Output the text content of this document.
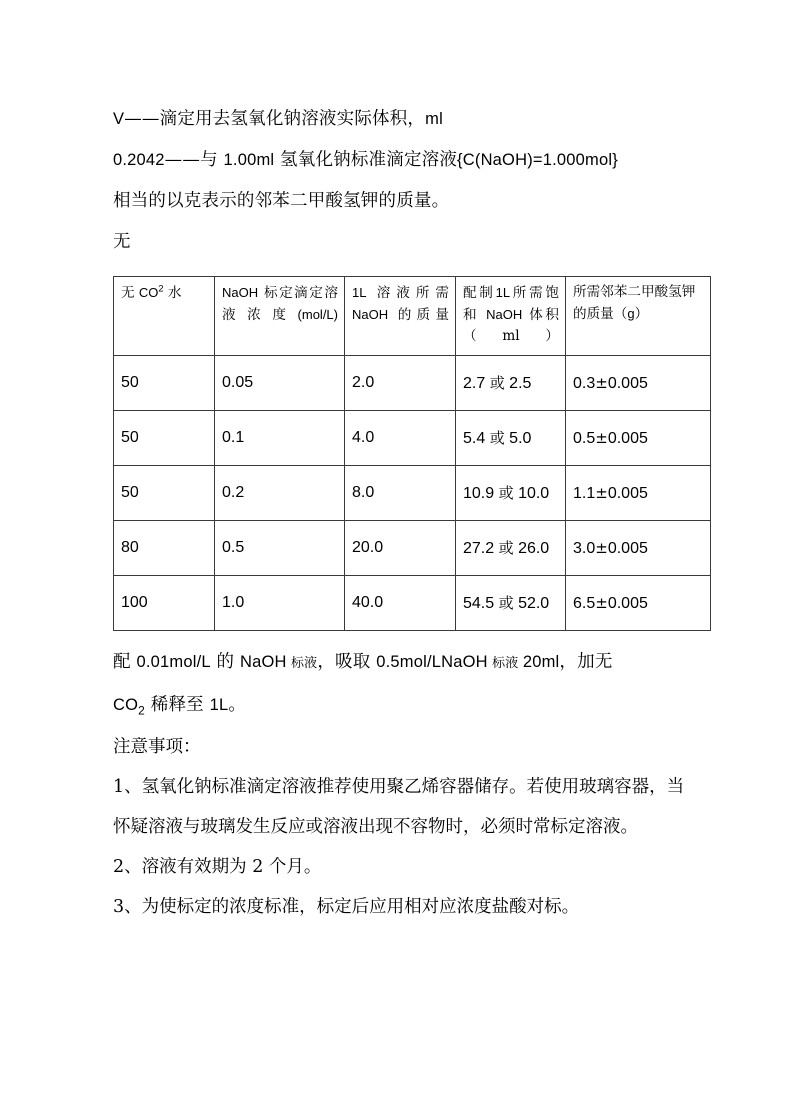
V——滴定用去氢氧化钠溶液实际体积，ml

0.2042——与 1.00ml 氢氧化钠标准滴定溶液{C(NaOH)=1.000mol}

相当的以克表示的邻苯二甲酸氢钾的质量。

无

无 $CO^2$ 水	NaOH 标定滴定溶液浓度(mol/L)	1L 溶液所需 NaOH 的质量	配制1L所需饱和 NaOH 体积（ml）	所需邻苯二甲酸氢钾的质量（g）
50	0.05	2.0	2.7 或 2.5	0.3±0.005
50	0.1	4.0	5.4 或 5.0	0.5±0.005
50	0.2	8.0	10.9 或 10.0	1.1±0.005
80	0.5	20.0	27.2 或 26.0	3.0±0.005
100	1.0	40.0	54.5 或 52.0	6.5±0.005

配 0.01mol/L 的 NaOH 标液，吸取 0.5mol/LNaOH 标液 20ml，加无

$CO_2$ 稀释至 1L。

注意事项：

1、氢氧化钠标准滴定溶液推荐使用聚乙烯容器储存。若使用玻璃容器，当怀疑溶液与玻璃发生反应或溶液出现不容物时，必须时常标定溶液。

2、溶液有效期为 2 个月。

3、为使标定的浓度标准，标定后应用相对应浓度盐酸对标。
